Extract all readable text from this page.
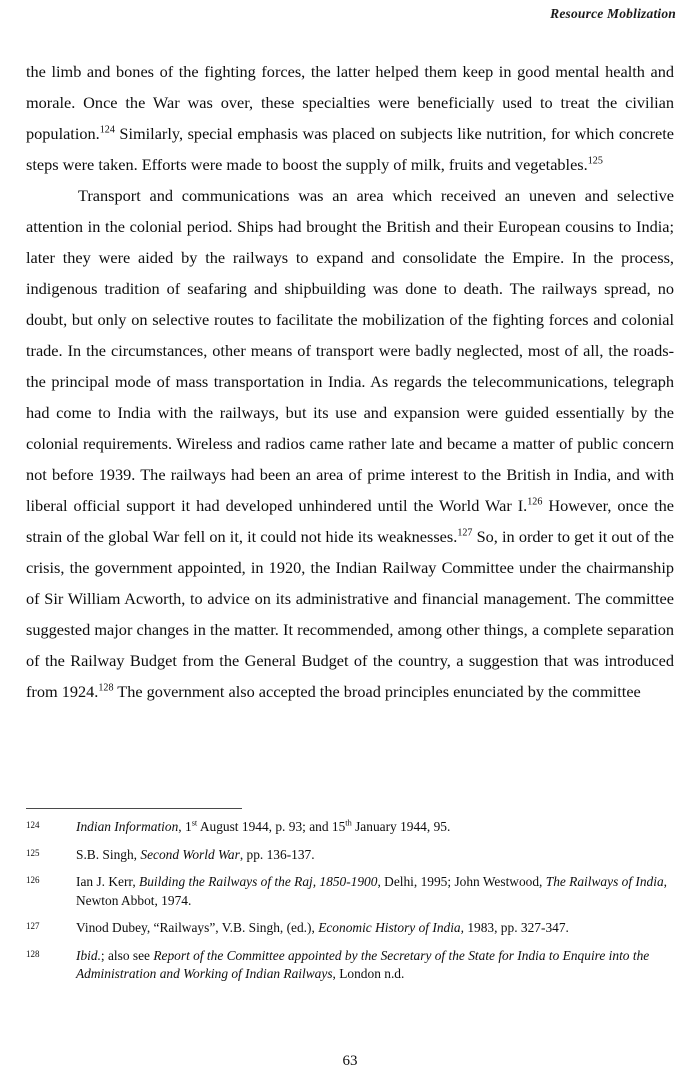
Resource Moblization

the limb and bones of the fighting forces, the latter helped them keep in good mental health and morale. Once the War was over, these specialties were beneficially used to treat the civilian population.$^{124}$ Similarly, special emphasis was placed on subjects like nutrition, for which concrete steps were taken. Efforts were made to boost the supply of milk, fruits and vegetables.$^{125}$

Transport and communications was an area which received an uneven and selective attention in the colonial period. Ships had brought the British and their European cousins to India; later they were aided by the railways to expand and consolidate the Empire. In the process, indigenous tradition of seafaring and shipbuilding was done to death. The railways spread, no doubt, but only on selective routes to facilitate the mobilization of the fighting forces and colonial trade. In the circumstances, other means of transport were badly neglected, most of all, the roads-the principal mode of mass transportation in India. As regards the telecommunications, telegraph had come to India with the railways, but its use and expansion were guided essentially by the colonial requirements. Wireless and radios came rather late and became a matter of public concern not before 1939. The railways had been an area of prime interest to the British in India, and with liberal official support it had developed unhindered until the World War I.$^{126}$ However, once the strain of the global War fell on it, it could not hide its weaknesses.$^{127}$ So, in order to get it out of the crisis, the government appointed, in 1920, the Indian Railway Committee under the chairmanship of Sir William Acworth, to advice on its administrative and financial management. The committee suggested major changes in the matter. It recommended, among other things, a complete separation of the Railway Budget from the General Budget of the country, a suggestion that was introduced from 1924.$^{128}$ The government also accepted the broad principles enunciated by the committee

124	Indian Information, 1st August 1944, p. 93; and 15th January 1944, 95.
125	S.B. Singh, Second World War, pp. 136-137.
126	Ian J. Kerr, Building the Railways of the Raj, 1850-1900, Delhi, 1995; John Westwood, The Railways of India, Newton Abbot, 1974.
127	Vinod Dubey, “Railways”, V.B. Singh, (ed.), Economic History of India, 1983, pp. 327-347.
128	Ibid.; also see Report of the Committee appointed by the Secretary of the State for India to Enquire into the Administration and Working of Indian Railways, London n.d.
63
